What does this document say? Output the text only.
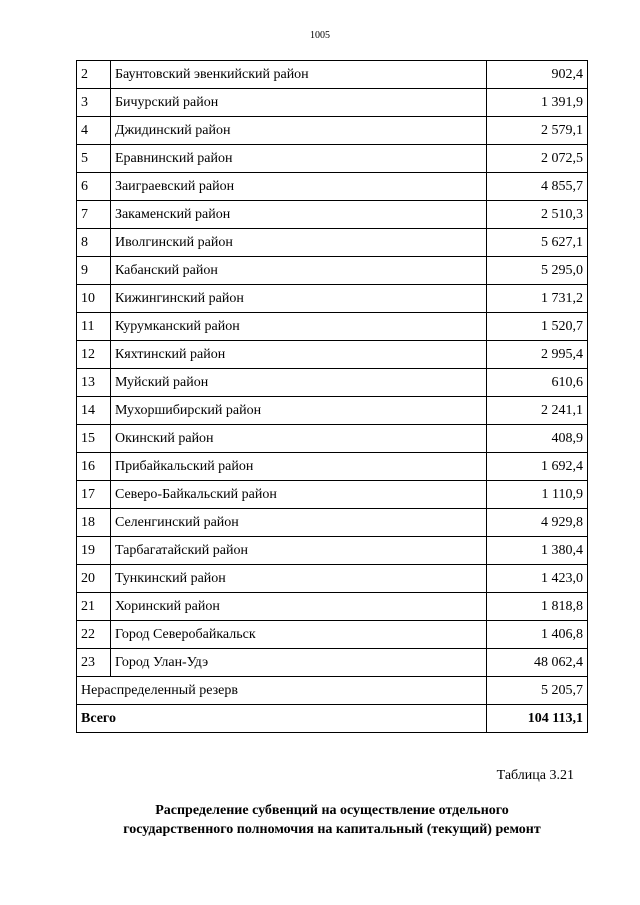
1005
2	Баунтовский эвенкийский район	902,4
3	Бичурский район	1 391,9
4	Джидинский район	2 579,1
5	Еравнинский район	2 072,5
6	Заиграевский район	4 855,7
7	Закаменский район	2 510,3
8	Иволгинский район	5 627,1
9	Кабанский район	5 295,0
10	Кижингинский район	1 731,2
11	Курумканский район	1 520,7
12	Кяхтинский район	2 995,4
13	Муйский район	610,6
14	Мухоршибирский район	2 241,1
15	Окинский район	408,9
16	Прибайкальский район	1 692,4
17	Северо-Байкальский район	1 110,9
18	Селенгинский район	4 929,8
19	Тарбагатайский район	1 380,4
20	Тункинский район	1 423,0
21	Хоринский район	1 818,8
22	Город Северобайкальск	1 406,8
23	Город Улан-Удэ	48 062,4
Нераспределенный резерв		5 205,7
Всего		104 113,1
Таблица 3.21
Распределение субвенций на осуществление отдельного
государственного полномочия на капитальный (текущий) ремонт
